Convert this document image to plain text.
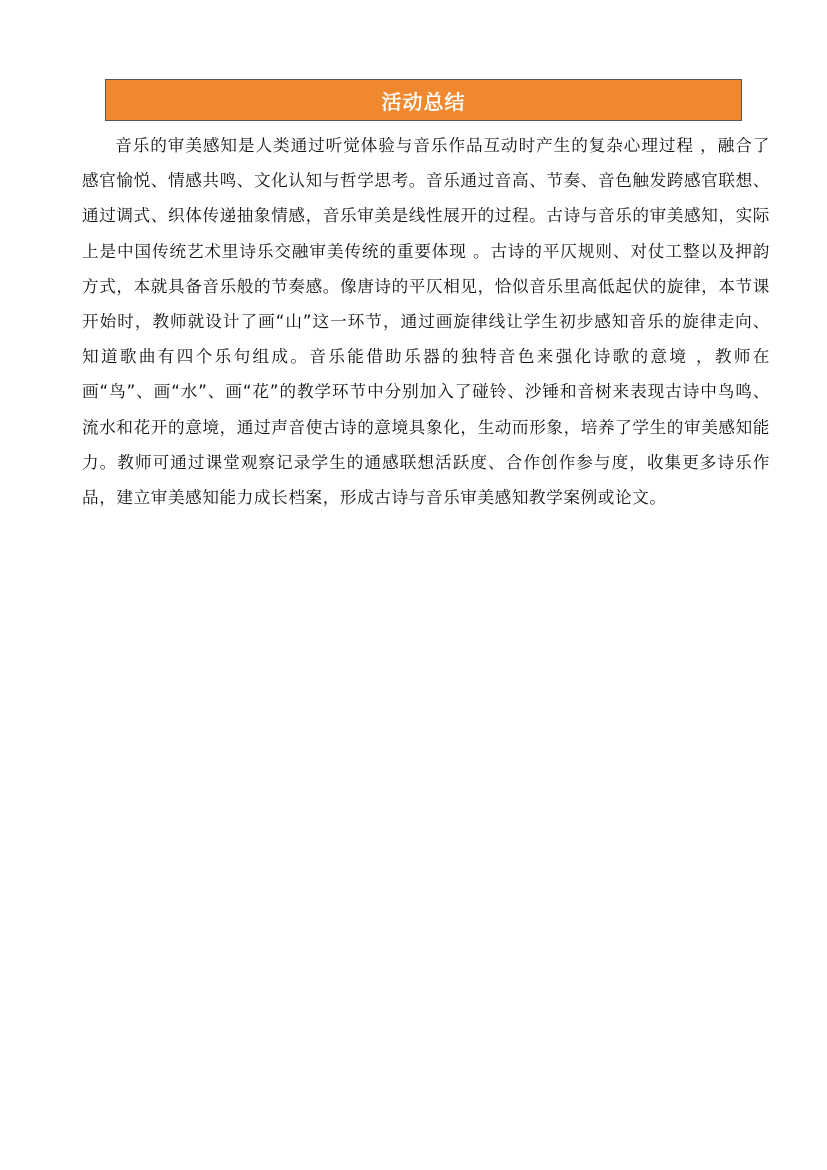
活动总结

音乐的审美感知是人类通过听觉体验与音乐作品互动时产生的复杂心理过程 ，融合了感官愉悦、情感共鸣、文化认知与哲学思考。音乐通过音高、节奏、音色触发跨感官联想、通过调式、织体传递抽象情感，音乐审美是线性展开的过程。古诗与音乐的审美感知，实际上是中国传统艺术里诗乐交融审美传统的重要体现 。古诗的平仄规则、对仗工整以及押韵方式，本就具备音乐般的节奏感。像唐诗的平仄相见，恰似音乐里高低起伏的旋律，本节课开始时，教师就设计了画“山”这一环节，通过画旋律线让学生初步感知音乐的旋律走向、知道歌曲有四个乐句组成。音乐能借助乐器的独特音色来强化诗歌的意境 ，教师在画“鸟”、画“水”、画“花”的教学环节中分别加入了碰铃、沙锤和音树来表现古诗中鸟鸣、流水和花开的意境，通过声音使古诗的意境具象化，生动而形象，培养了学生的审美感知能力。教师可通过课堂观察记录学生的通感联想活跃度、合作创作参与度，收集更多诗乐作品，建立审美感知能力成长档案，形成古诗与音乐审美感知教学案例或论文。
